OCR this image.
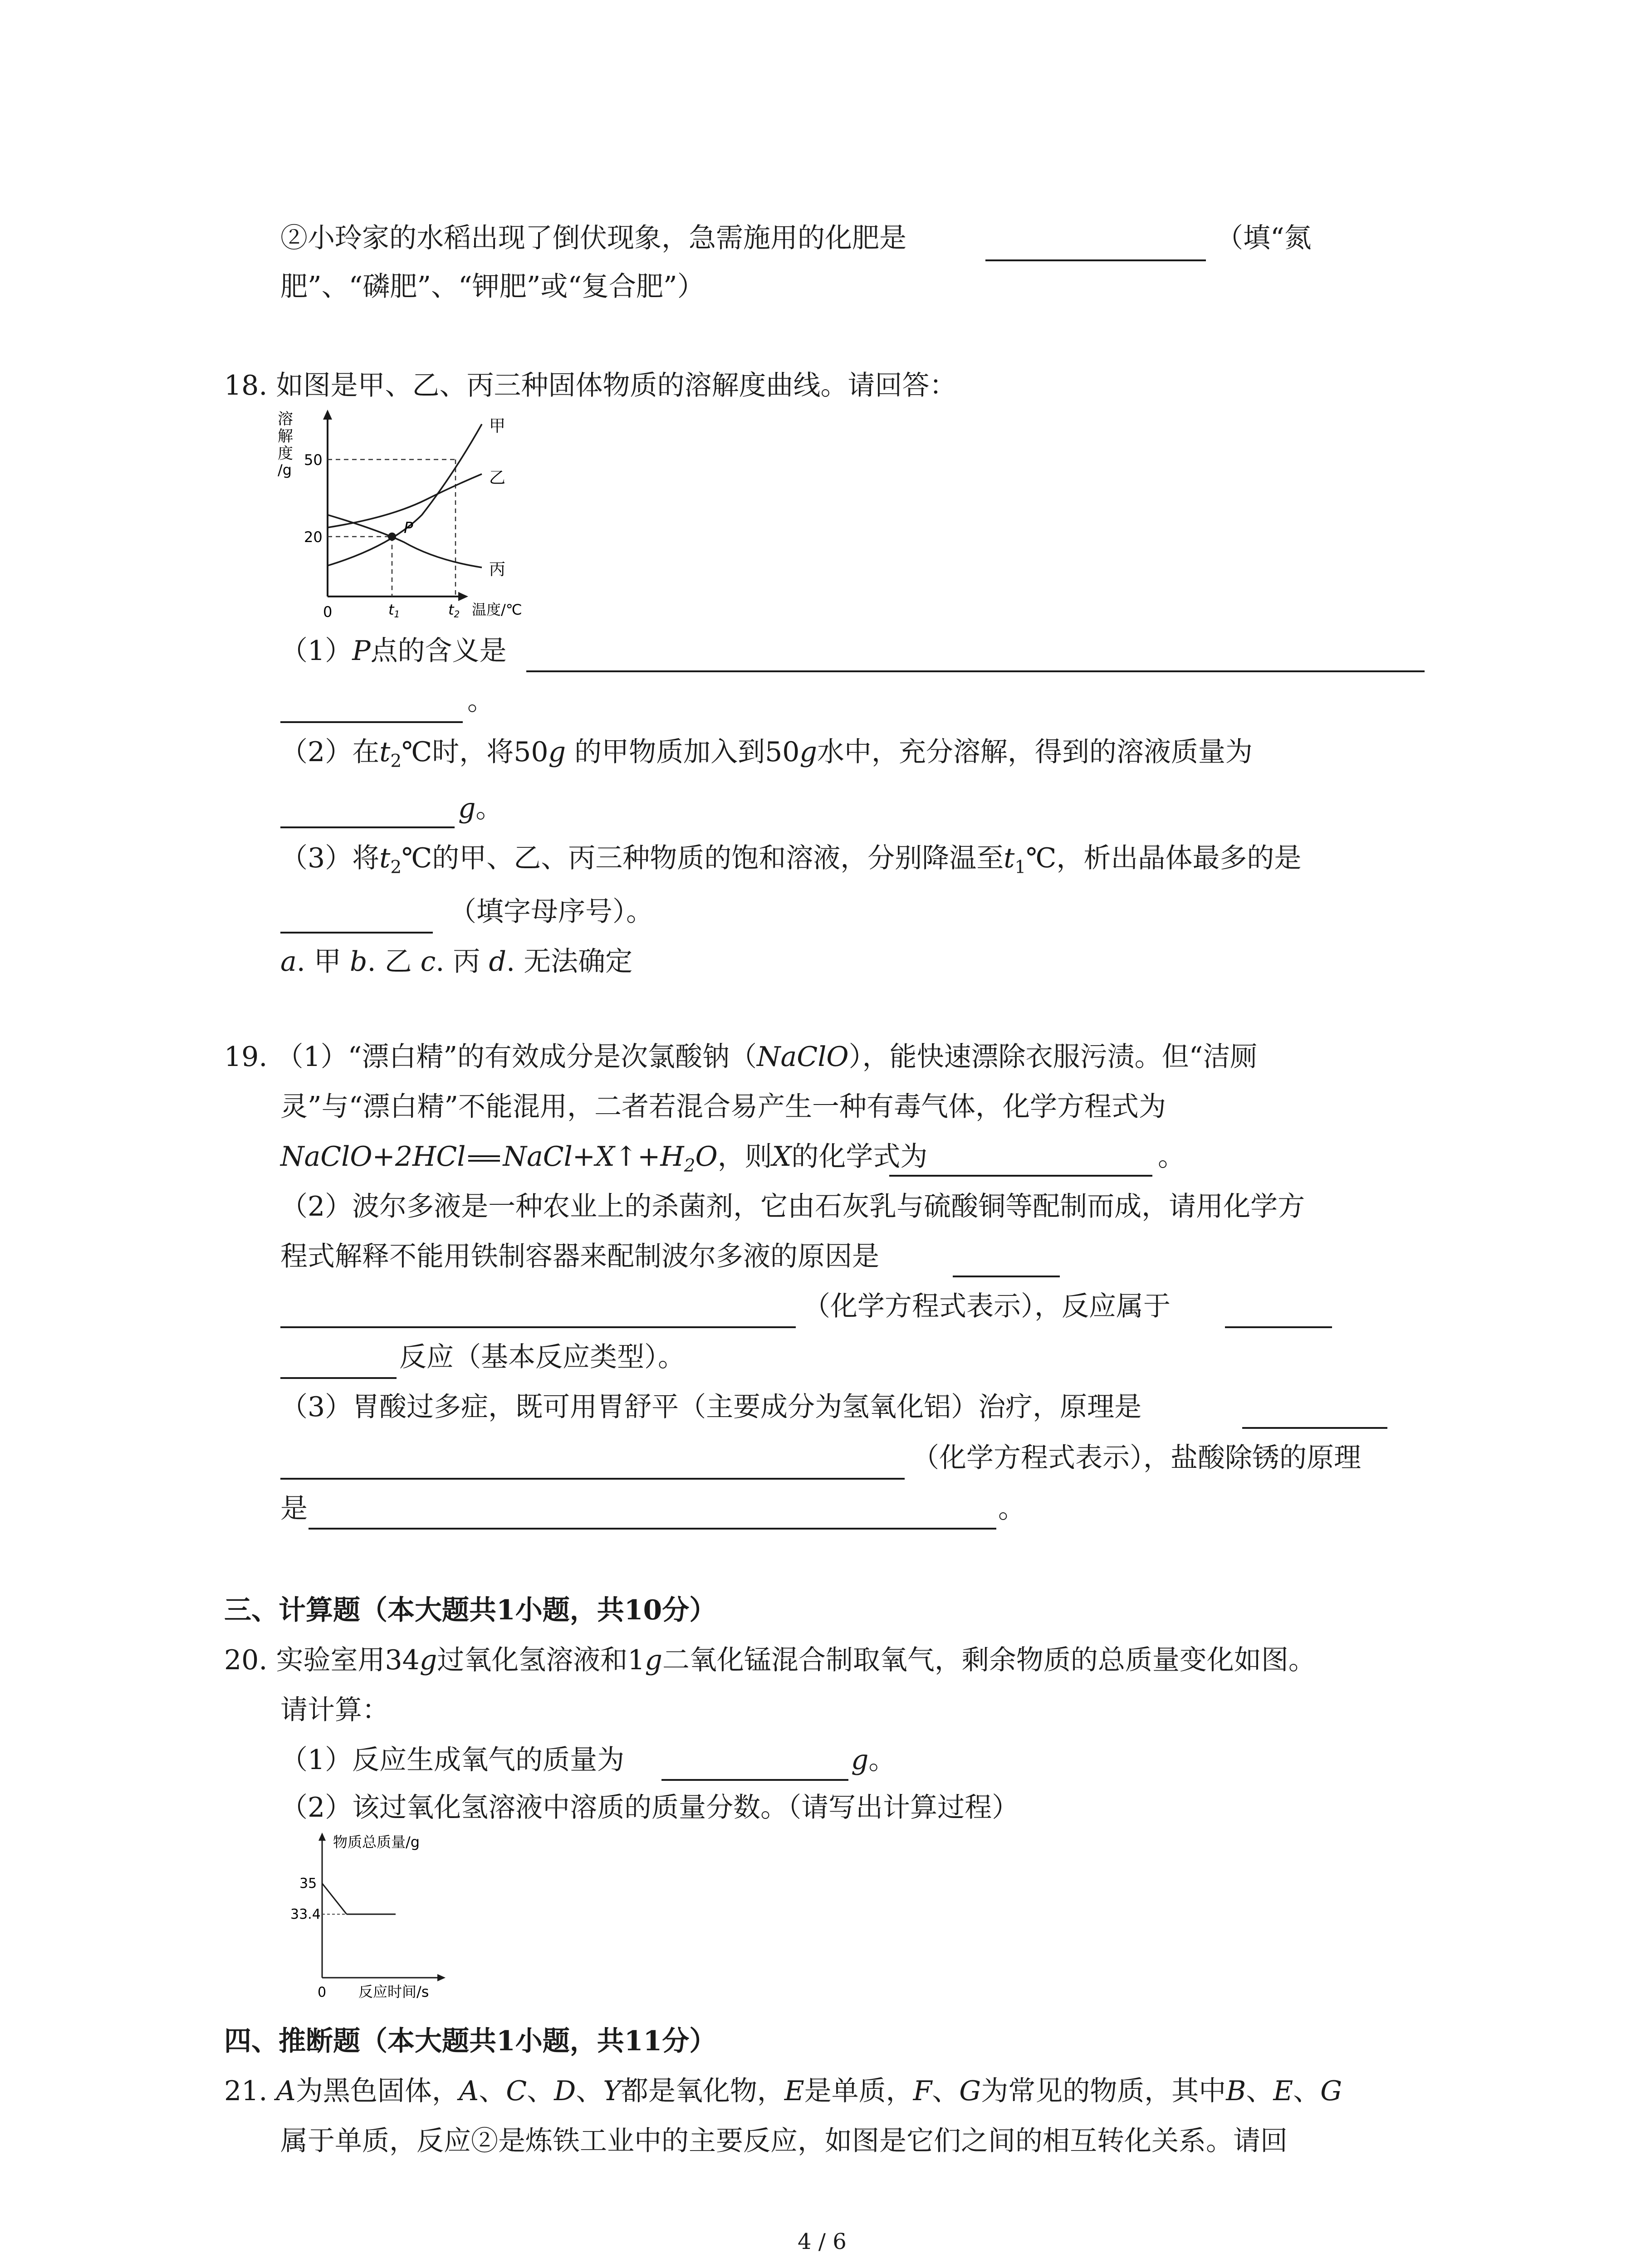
②小玲家的水稻出现了倒伏现象，急需施用的化肥是	（填“氮
肥”、“磷肥”、“钾肥”或“复合肥”）
18. 如图是甲、乙、丙三种固体物质的溶解度曲线。请回答：
溶
解
度
/g
50
20
0	t1	t2 温度/℃
P
甲
乙
丙
（1）P点的含义是
。
（2）在$t_2℃$时，将50g 的甲物质加入到50g水中，充分溶解，得到的溶液质量为
g。
（3）将$t_2℃$的甲、乙、丙三种物质的饱和溶液，分别降温至$t_1℃$，析出晶体最多的是
（填字母序号）。
a. 甲 b. 乙 c. 丙 d. 无法确定
19. （1）“漂白精”的有效成分是次氯酸钠（NaClO），能快速漂除衣服污渍。但“洁厕
灵”与“漂白精”不能混用，二者若混合易产生一种有毒气体，化学方程式为
NaClO+2HCl $NaCl+X↑+H_2O$，则X的化学式为	。
（2）波尔多液是一种农业上的杀菌剂，它由石灰乳与硫酸铜等配制而成，请用化学方
程式解释不能用铁制容器来配制波尔多液的原因是
（化学方程式表示），反应属于
反应（基本反应类型）。
（3）胃酸过多症，既可用胃舒平（主要成分为氢氧化铝）治疗，原理是
（化学方程式表示），盐酸除锈的原理
是	。
三、计算题（本大题共1小题，共10分）
20. 实验室用34g过氧化氢溶液和1g二氧化锰混合制取氧气，剩余物质的总质量变化如图。
请计算：
（1）反应生成氧气的质量为	g。
（2）该过氧化氢溶液中溶质的质量分数。（请写出计算过程）
物质总质量/g
35
33.4
0 反应时间/s
四、推断题（本大题共1小题，共11分）
21. A为黑色固体，A、C、D、Y都是氧化物，E是单质，F、G为常见的物质，其中B、E、G
属于单质，反应②是炼铁工业中的主要反应，如图是它们之间的相互转化关系。请回
4 / 6
